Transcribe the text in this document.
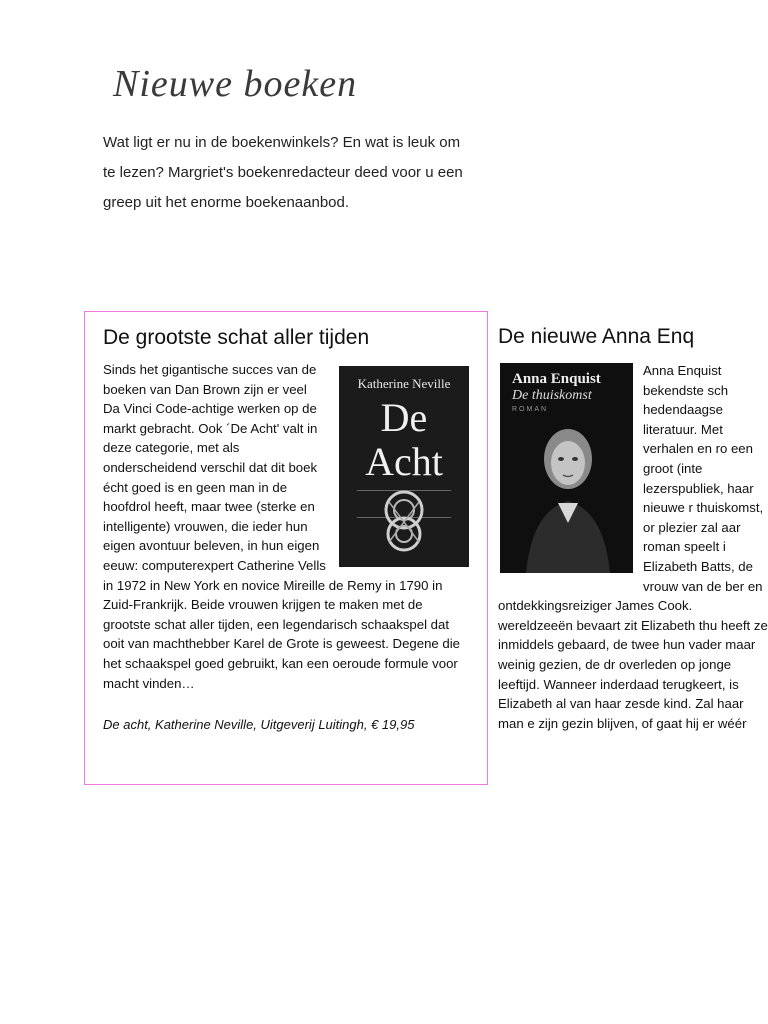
Nieuwe boeken
Wat ligt er nu in de boekenwinkels? En wat is leuk om te lezen? Margriet's boekenredacteur deed voor u een greep uit het enorme boekenaanbod.
De grootste schat aller tijden
Katherine Neville
De Acht
Sinds het gigantische succes van de boeken van Dan Brown zijn er veel Da Vinci Code-achtige werken op de markt gebracht. Ook ´De Acht' valt in deze categorie, met als onderscheidend verschil dat dit boek écht goed is en geen man in de hoofdrol heeft, maar twee (sterke en intelligente) vrouwen, die ieder hun eigen avontuur beleven, in hun eigen eeuw: computerexpert Catherine Vells in 1972 in New York en novice Mireille de Remy in 1790 in Zuid-Frankrijk. Beide vrouwen krijgen te maken met de grootste schat aller tijden, een legendarisch schaakspel dat ooit van machthebber Karel de Grote is geweest. Degene die het schaakspel goed gebruikt, kan een oeroude formule voor macht vinden…
De acht, Katherine Neville, Uitgeverij Luitingh, € 19,95
De nieuwe Anna Enq
Anna Enquist
De thuiskomst
ROMAN
Anna Enquist bekendste sch hedendaagse literatuur. Met verhalen en ro een groot (inte lezerspubliek, haar nieuwe r thuiskomst, or plezier zal aar roman speelt i Elizabeth Batts, de vrouw van de ber en ontdekkingsreiziger James Cook. wereldzeeën bevaart zit Elizabeth thu heeft ze inmiddels gebaard, de twee hun vader maar weinig gezien, de dr overleden op jonge leeftijd. Wanneer inderdaad terugkeert, is Elizabeth al van haar zesde kind. Zal haar man e zijn gezin blijven, of gaat hij er wéér
